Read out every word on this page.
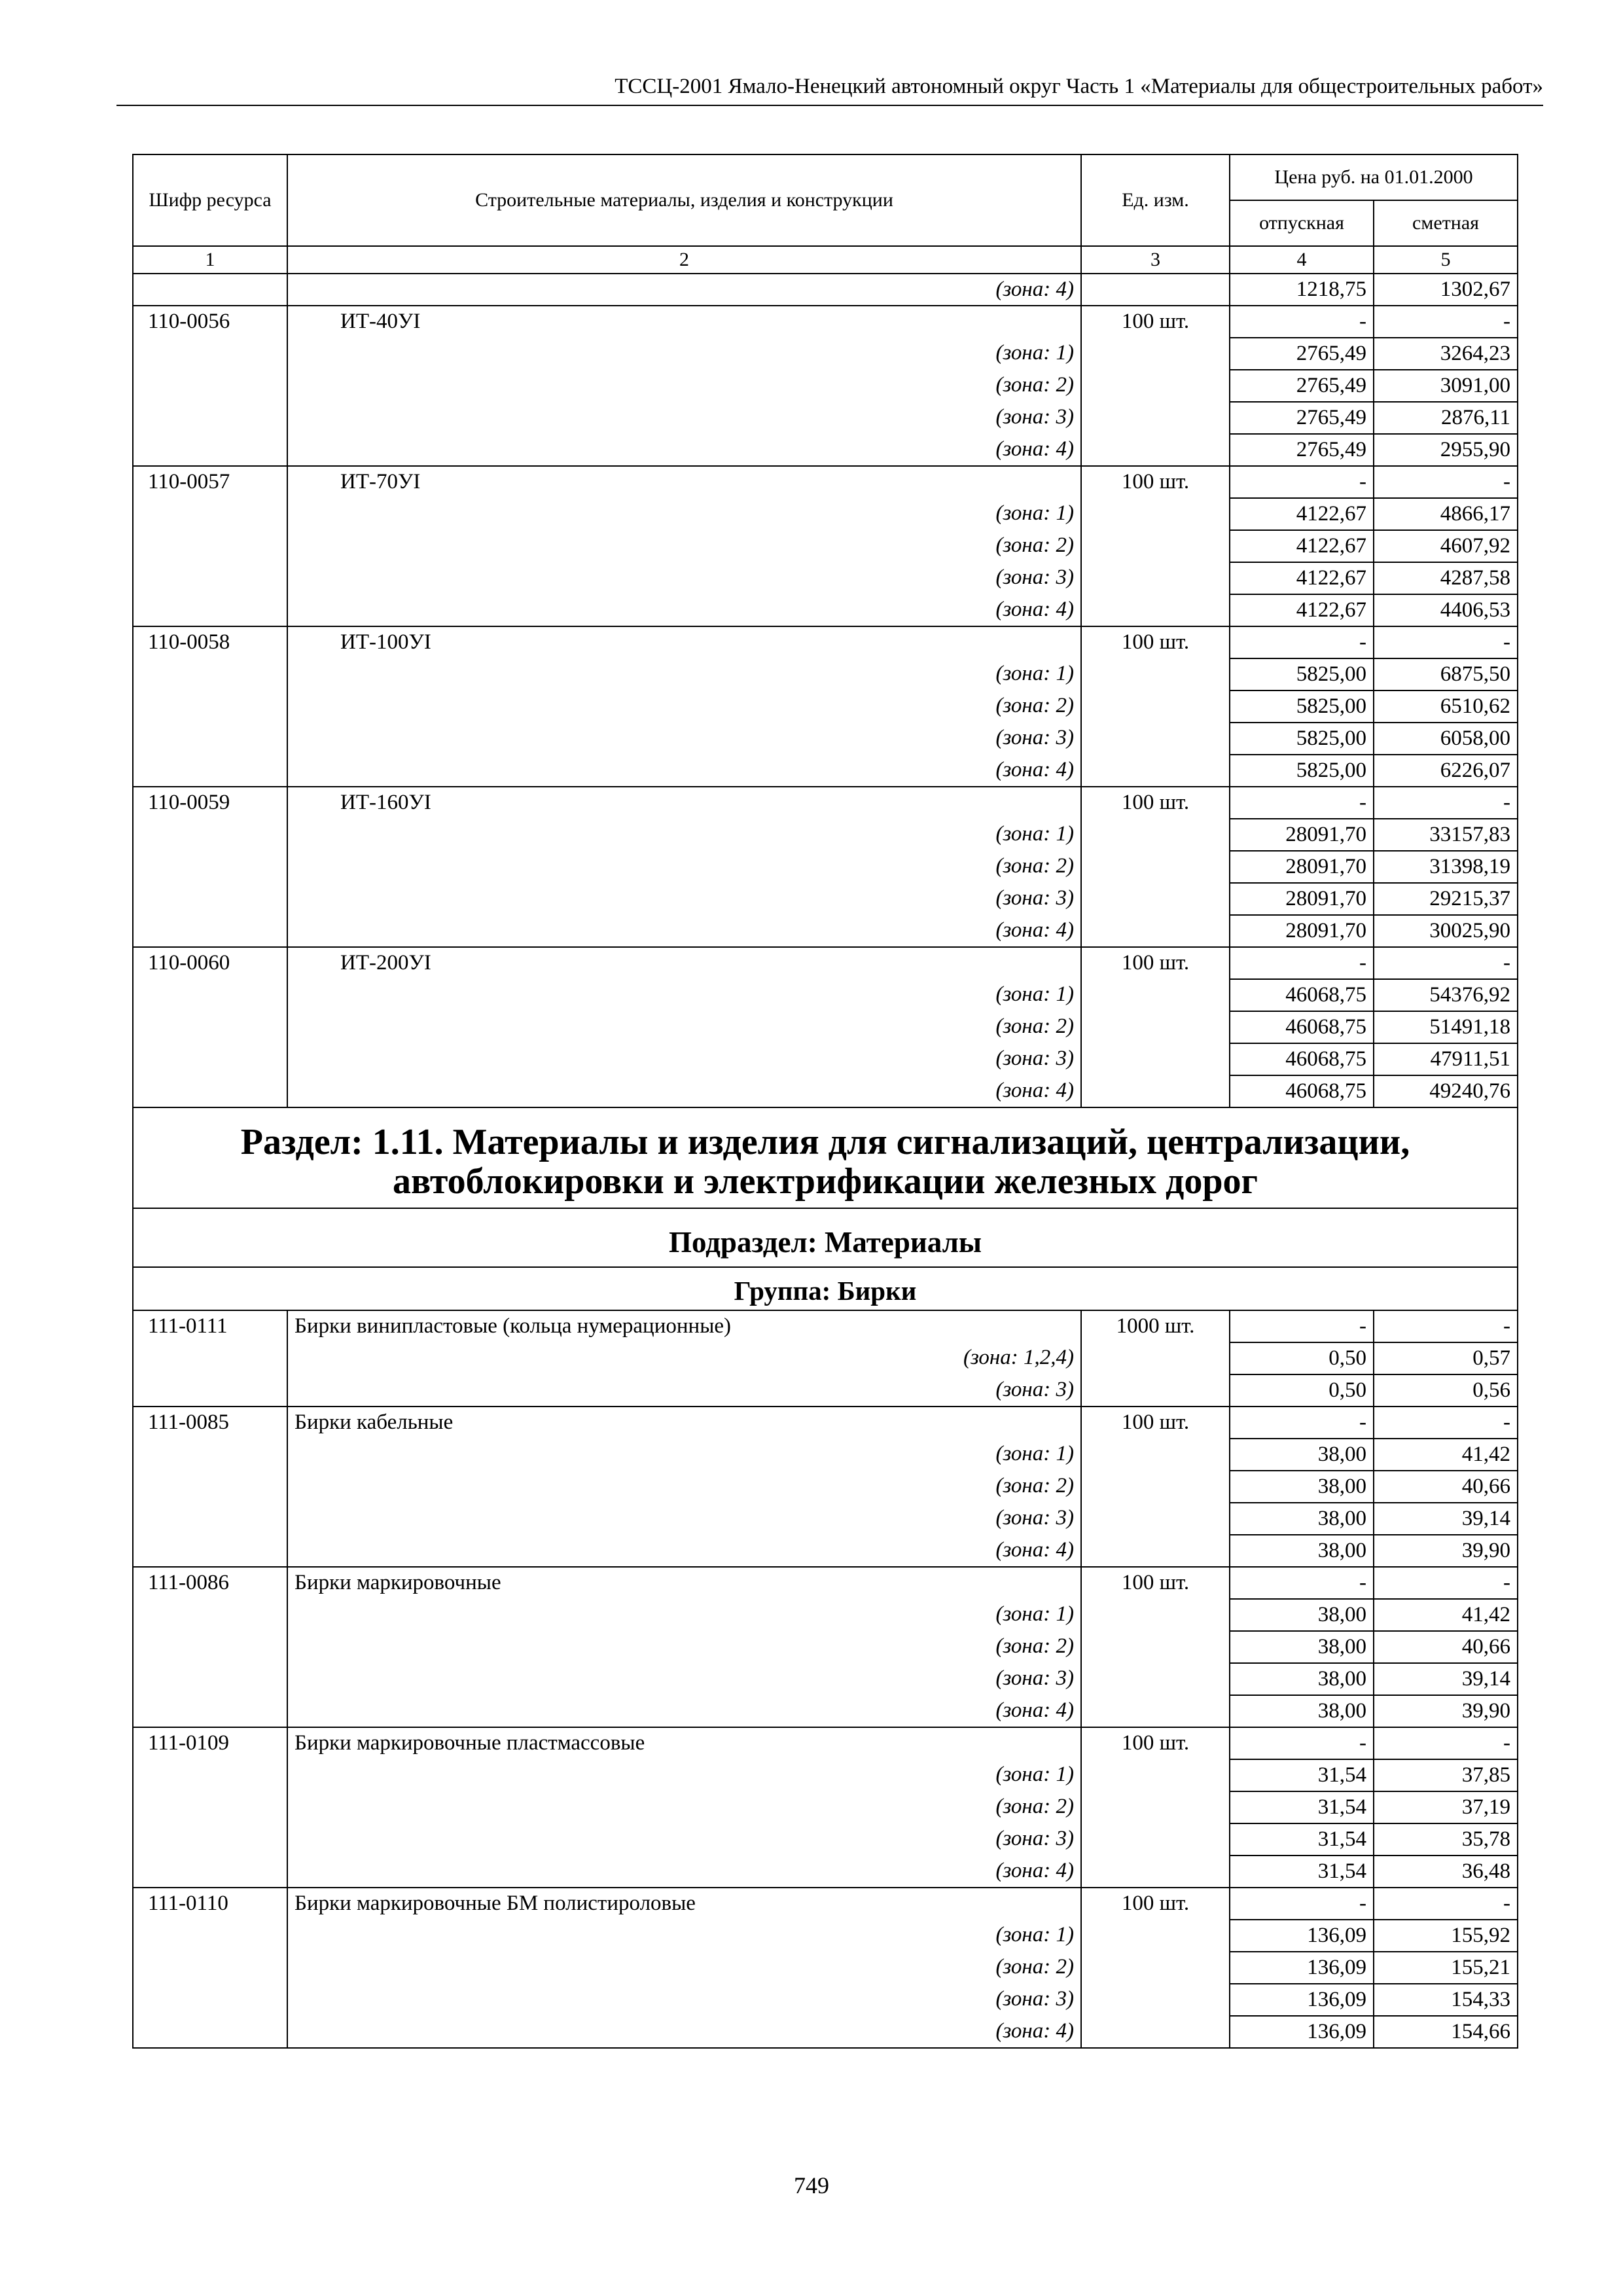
ТССЦ-2001 Ямало-Ненецкий автономный округ Часть 1 «Материалы для общестроительных работ»
Шифр ресурса	Строительные материалы, изделия и конструкции	Ед. изм.	Цена руб. на 01.01.2000	
			отпускная	сметная
1	2	3	4	5
	(зона: 4)		1218,75	1302,67
110-0056	ИТ-40УI	100 шт.	-	-
	(зона: 1)		2765,49	3264,23
	(зона: 2)		2765,49	3091,00
	(зона: 3)		2765,49	2876,11
	(зона: 4)		2765,49	2955,90
110-0057	ИТ-70УI	100 шт.	-	-
	(зона: 1)		4122,67	4866,17
	(зона: 2)		4122,67	4607,92
	(зона: 3)		4122,67	4287,58
	(зона: 4)		4122,67	4406,53
110-0058	ИТ-100УI	100 шт.	-	-
	(зона: 1)		5825,00	6875,50
	(зона: 2)		5825,00	6510,62
	(зона: 3)		5825,00	6058,00
	(зона: 4)		5825,00	6226,07
110-0059	ИТ-160УI	100 шт.	-	-
	(зона: 1)		28091,70	33157,83
	(зона: 2)		28091,70	31398,19
	(зона: 3)		28091,70	29215,37
	(зона: 4)		28091,70	30025,90
110-0060	ИТ-200УI	100 шт.	-	-
	(зона: 1)		46068,75	54376,92
	(зона: 2)		46068,75	51491,18
	(зона: 3)		46068,75	47911,51
	(зона: 4)		46068,75	49240,76

Раздел: 1.11. Материалы и изделия для сигнализаций, централизации,
автоблокировки и электрификации железных дорог				

Подраздел: Материалы				
Группа: Бирки				
111-0111	Бирки винипластовые (кольца нумерационные)	1000 шт.	-	-
	(зона: 1,2,4)		0,50	0,57
	(зона: 3)		0,50	0,56
111-0085	Бирки кабельные	100 шт.	-	-
	(зона: 1)		38,00	41,42
	(зона: 2)		38,00	40,66
	(зона: 3)		38,00	39,14
	(зона: 4)		38,00	39,90
111-0086	Бирки маркировочные	100 шт.	-	-
	(зона: 1)		38,00	41,42
	(зона: 2)		38,00	40,66
	(зона: 3)		38,00	39,14
	(зона: 4)		38,00	39,90
111-0109	Бирки маркировочные пластмассовые	100 шт.	-	-
	(зона: 1)		31,54	37,85
	(зона: 2)		31,54	37,19
	(зона: 3)		31,54	35,78
	(зона: 4)		31,54	36,48
111-0110	Бирки маркировочные БМ полистироловые	100 шт.	-	-
	(зона: 1)		136,09	155,92
	(зона: 2)		136,09	155,21
	(зона: 3)		136,09	154,33
	(зона: 4)		136,09	154,66
749
